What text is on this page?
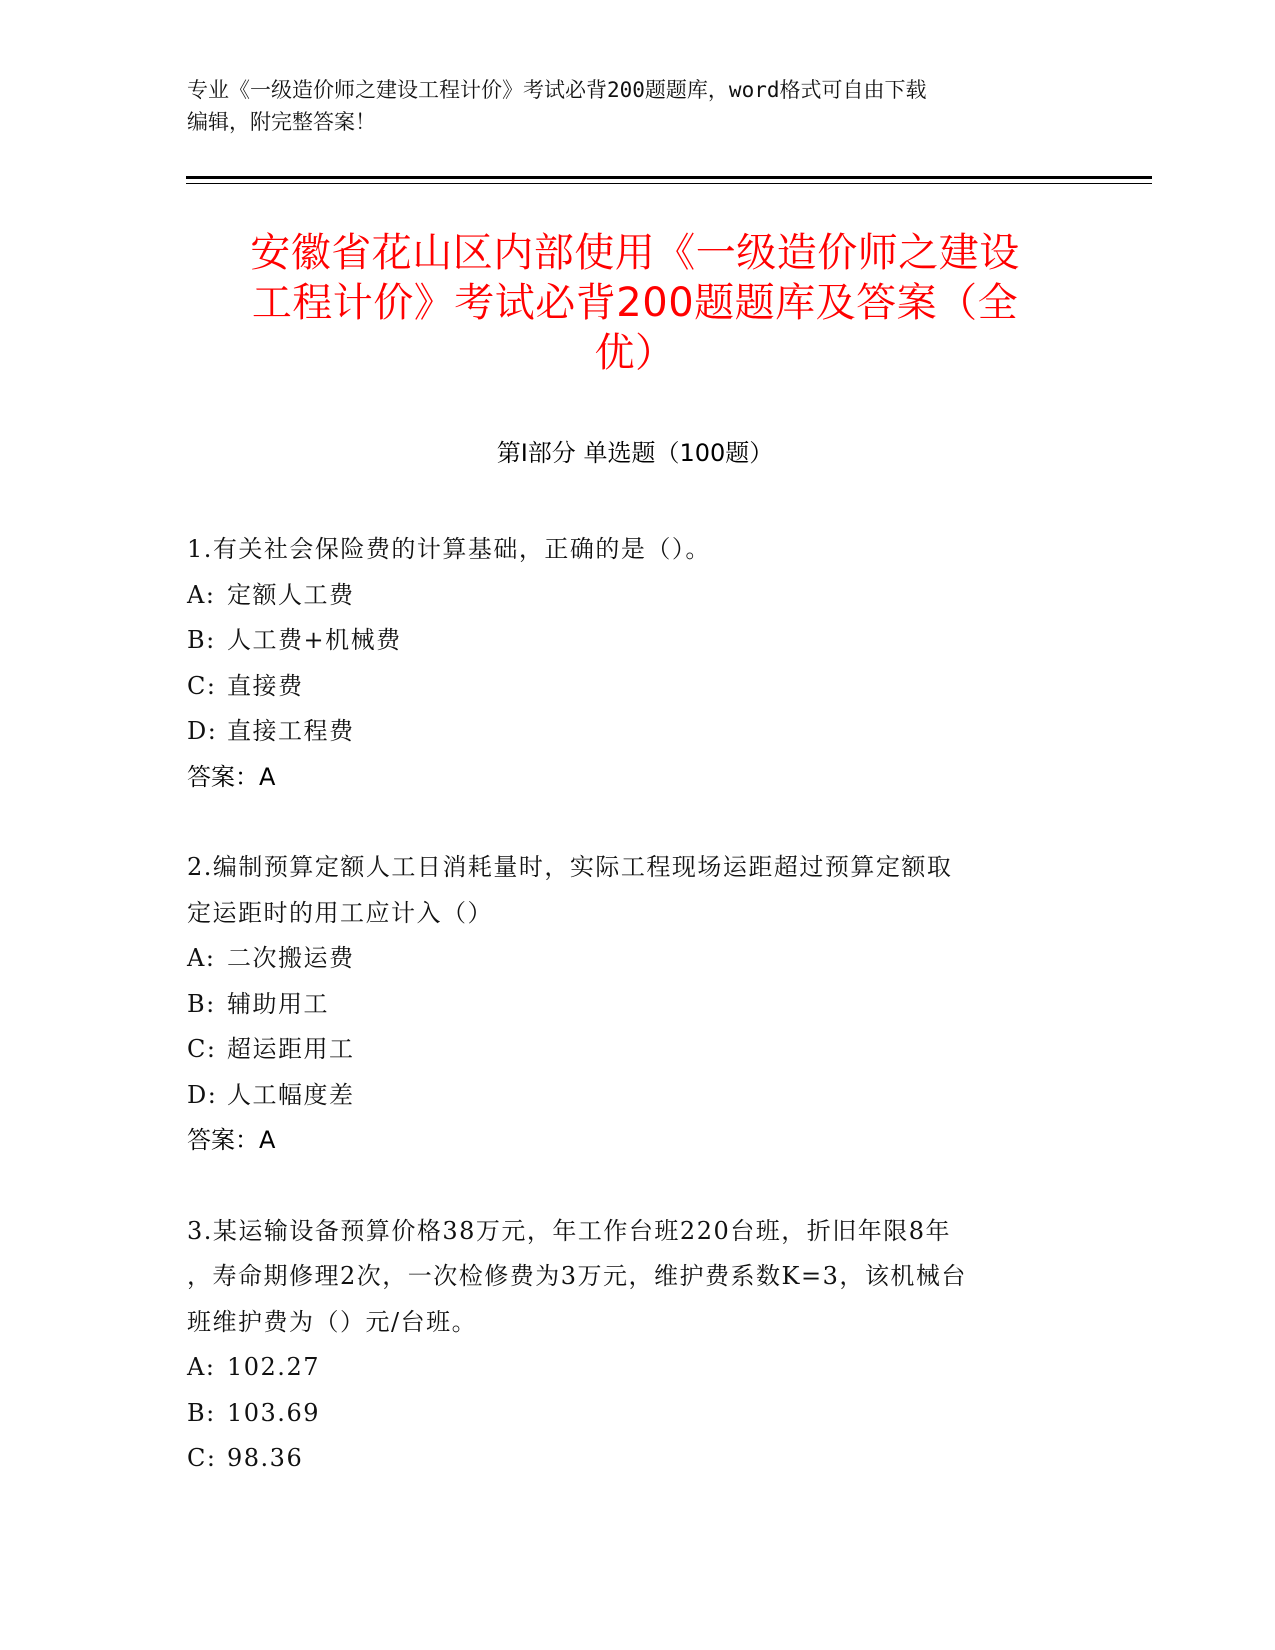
专业《一级造价师之建设工程计价》考试必背200题题库，word格式可自由下载
编辑，附完整答案！
安徽省花山区内部使用《一级造价师之建设
工程计价》考试必背200题题库及答案（全
优）
第Ⅰ部分 单选题（100题）
1.有关社会保险费的计算基础，正确的是（）。
A: 定额人工费
B: 人工费+机械费
C: 直接费
D: 直接工程费
答案：A
2.编制预算定额人工日消耗量时，实际工程现场运距超过预算定额取
定运距时的用工应计入（）
A: 二次搬运费
B: 辅助用工
C: 超运距用工
D: 人工幅度差
答案：A
3.某运输设备预算价格38万元，年工作台班220台班，折旧年限8年
，寿命期修理2次，一次检修费为3万元，维护费系数K=3，该机械台
班维护费为（）元/台班。
A: 102.27
B: 103.69
C: 98.36
